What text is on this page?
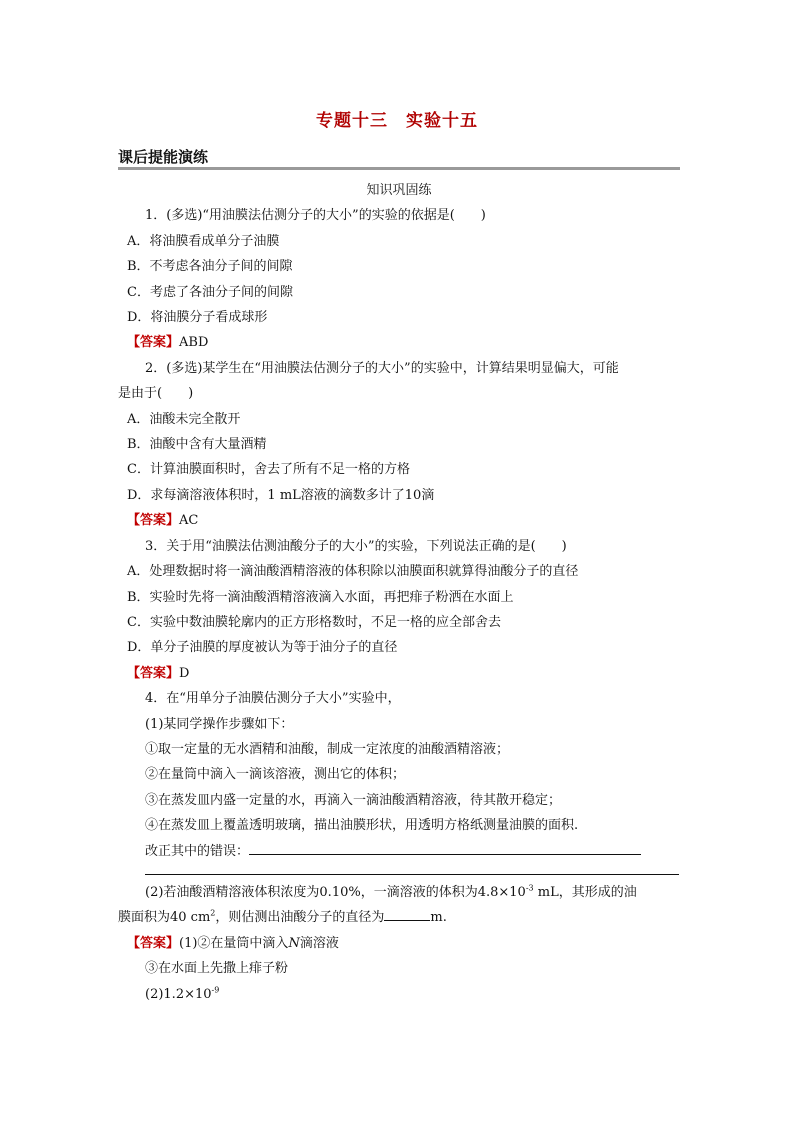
专题十三　实验十五
课后提能演练
知识巩固练
1．(多选)“用油膜法估测分子的大小”的实验的依据是(　　)
A．将油膜看成单分子油膜
B．不考虑各油分子间的间隙
C．考虑了各油分子间的间隙
D．将油膜分子看成球形
【答案】ABD
2．(多选)某学生在“用油膜法估测分子的大小”的实验中，计算结果明显偏大，可能
是由于(　　)
A．油酸未完全散开
B．油酸中含有大量酒精
C．计算油膜面积时，舍去了所有不足一格的方格
D．求每滴溶液体积时，1 mL溶液的滴数多计了10滴
【答案】AC
3．关于用“油膜法估测油酸分子的大小”的实验，下列说法正确的是(　　)
A．处理数据时将一滴油酸酒精溶液的体积除以油膜面积就算得油酸分子的直径
B．实验时先将一滴油酸酒精溶液滴入水面，再把痱子粉洒在水面上
C．实验中数油膜轮廓内的正方形格数时，不足一格的应全部舍去
D．单分子油膜的厚度被认为等于油分子的直径
【答案】D
4．在“用单分子油膜估测分子大小”实验中，
(1)某同学操作步骤如下：
①取一定量的无水酒精和油酸，制成一定浓度的油酸酒精溶液；
②在量筒中滴入一滴该溶液，测出它的体积；
③在蒸发皿内盛一定量的水，再滴入一滴油酸酒精溶液，待其散开稳定；
④在蒸发皿上覆盖透明玻璃，描出油膜形状，用透明方格纸测量油膜的面积.
改正其中的错误：
(2)若油酸酒精溶液体积浓度为0.10%，一滴溶液的体积为$4.8\times 10^{-3}$ mL，其形成的油
膜面积为40 $cm^2$，则估测出油酸分子的直径为	m.
【答案】(1)②在量筒中滴入N滴溶液
③在水面上先撒上痱子粉
$(2)1.2\times 10^{-9}$
